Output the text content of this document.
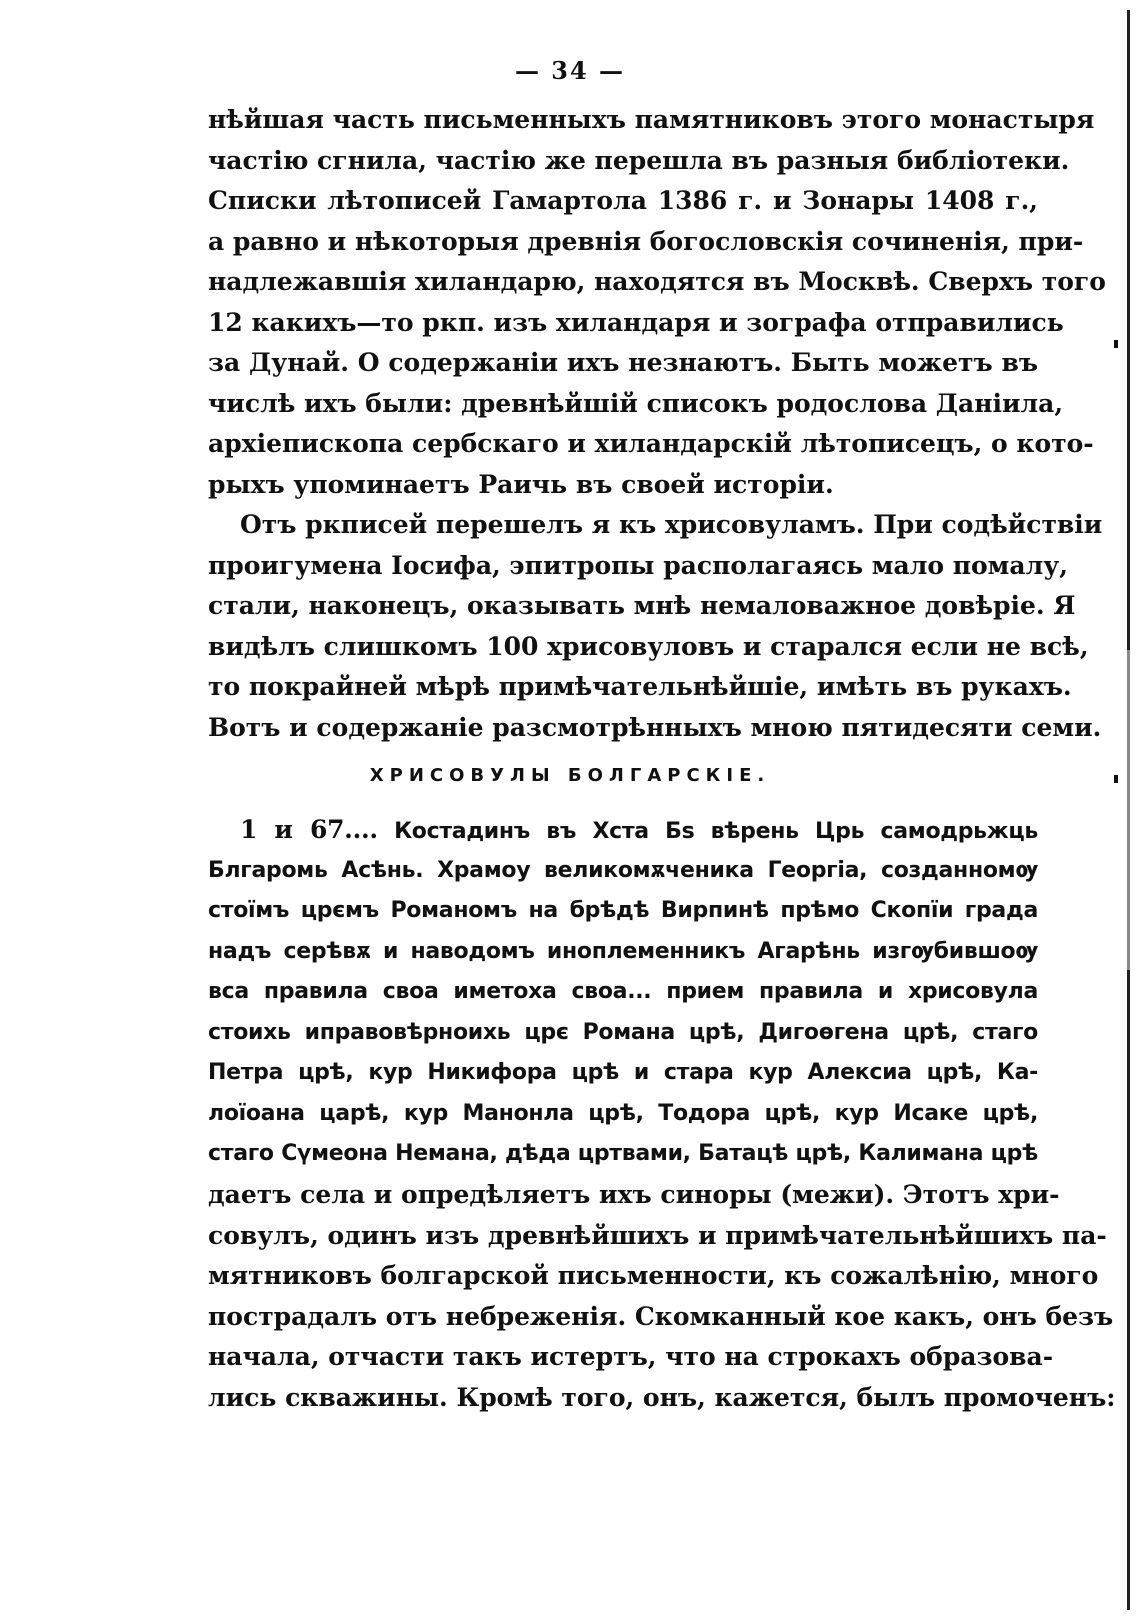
— 34 —
нѣйшая часть письменныхъ памятниковъ этого монастыря
частію сгнила, частію же перешла въ разныя библіотеки.
Списки лѣтописей Гамартола 1386 г. и Зонары 1408 г.,
а равно и нѣкоторыя древнія богословскія сочиненія, при-
надлежавшія хиландарю, находятся въ Москвѣ. Сверхъ того
12 какихъ—то ркп. изъ хиландаря и зографа отправились
за Дунай. О содержаніи ихъ незнаютъ. Быть можетъ въ
числѣ ихъ были: древнѣйшій списокъ родослова Даніила,
архіепископа сербскаго и хиландарскій лѣтописецъ, о кото-
рыхъ упоминаетъ Раичь въ своей исторіи.
Отъ ркписей перешелъ я къ хрисовуламъ. При содѣйствіи
проигумена Іосифа, эпитропы располагаясь мало помалу,
стали, наконецъ, оказывать мнѣ немаловажное довѣріе. Я
видѣлъ слишкомъ 100 хрисовуловъ и старался если не всѣ,
то покрайней мѣрѣ примѣчательнѣйшіе, имѣть въ рукахъ.
Вотъ и содержаніе разсмотрѣнныхъ мною пятидесяти семи.
ХРИСОВУЛЫ БОЛГАРСКІЕ.
1 и 67.... Костадинъ въ Хста Бѕ вѣрень Црь самодрьжць
Блгаромь Асѣнь. Храмоу великомѫченика Георгіа, созданномѹ
стоїмъ црємъ Романомъ на брѣдѣ Вирпинѣ прѣмо Скопїи града
надъ серѣвѫ и наводомъ иноплеменникъ Агарѣнь изгѹбившоѹ
вса правила своа иметоха своа... прием правила и хрисовула
стоихь иправовѣрноихь црє Романа црѣ, Дигоѳгена црѣ, стаго
Петра црѣ, кур Никифора црѣ и стара кур Алексиа црѣ, Ка-
лоїоана царѣ, кур Манонла црѣ, Тодора црѣ, кур Исаке црѣ,
стаго Сүмеона Немана, дѣда цртвами, Батацѣ црѣ, Калимана црѣ
даетъ села и опредѣляетъ ихъ синоры (межи). Этотъ хри-
совулъ, одинъ изъ древнѣйшихъ и примѣчательнѣйшихъ па-
мятниковъ болгарской письменности, къ сожалѣнію, много
пострадалъ отъ небреженія. Скомканный кое какъ, онъ безъ
начала, отчасти такъ истертъ, что на строкахъ образова-
лись скважины. Кромѣ того, онъ, кажется, былъ промоченъ:
